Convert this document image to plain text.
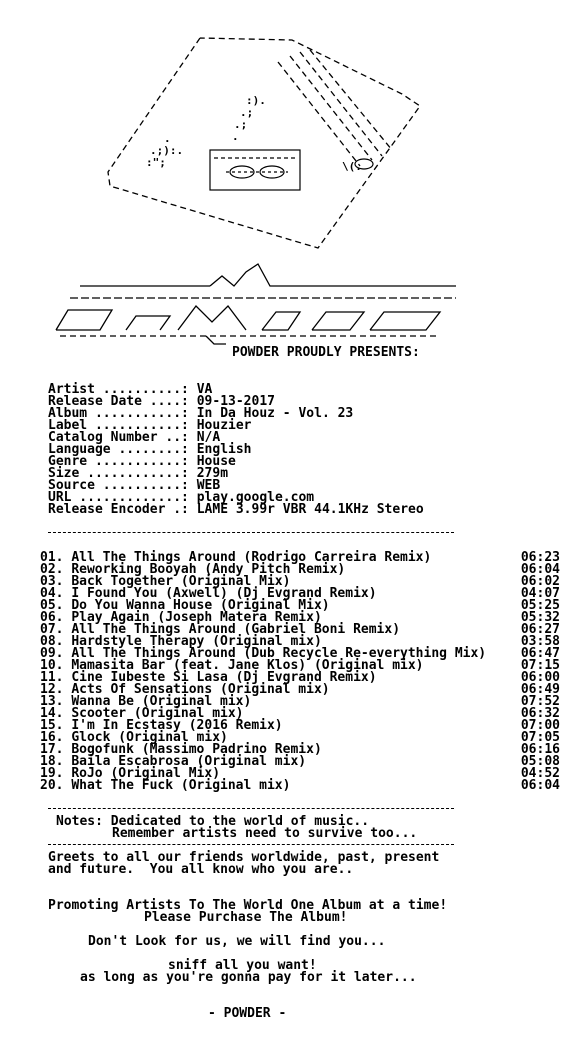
:).
.;
.;
.
.;):.
:";
.
\(.
POWDER PROUDLY PRESENTS:
Artist ..........: VA
Release Date ....: 09-13-2017
Album ...........: In Da Houz - Vol. 23
Label ...........: Houzier
Catalog Number ..: N/A
Language ........: English
Genre ...........: House
Size ............: 279m
Source ..........: WEB
URL .............: play.google.com
Release Encoder .: LAME 3.99r VBR 44.1KHz Stereo
01. All The Things Around (Rodrigo Carreira Remix)	06:23
02. Reworking Booyah (Andy Pitch Remix)	06:04
03. Back Together (Original Mix)	06:02
04. I Found You (Axwell) (Dj Evgrand Remix)	04:07
05. Do You Wanna House (Original Mix)	05:25
06. Play Again (Joseph Matera Remix)	05:32
07. All The Things Around (Gabriel Boni Remix)	06:27
08. Hardstyle Therapy (Original mix)	03:58
09. All The Things Around (Dub Recycle Re-everything Mix)	06:47
10. Mamasita Bar (feat. Jane Klos) (Original mix)	07:15
11. Cine Iubeste Si Lasa (Dj Evgrand Remix)	06:00
12. Acts Of Sensations (Original mix)	06:49
13. Wanna Be (Original mix)	07:52
14. Scooter (Original mix)	06:32
15. I'm In Ecstasy (2016 Remix)	07:00
16. Glock (Original mix)	07:05
17. Bogofunk (Massimo Padrino Remix)	06:16
18. Baila Escabrosa (Original mix)	05:08
19. RoJo (Original Mix)	04:52
20. What The Fuck (Original mix)	06:04
Notes: Dedicated to the world of music..
Remember artists need to survive too...
Greets to all our friends worldwide, past, present
and future.  You all know who you are..
Promoting Artists To The World One Album at a time!
Please Purchase The Album!
Don't Look for us, we will find you...
sniff all you want!
as long as you're gonna pay for it later...
- POWDER -
